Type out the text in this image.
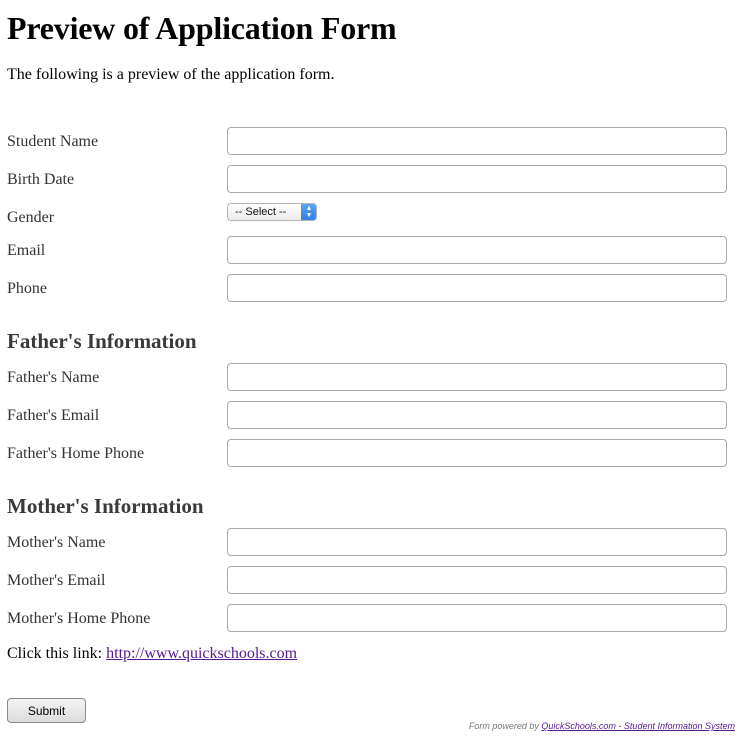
Preview of Application Form

The following is a preview of the application form.

Student Name
Birth Date
Gender	-- Select --	▲
▼
Email
Phone
Father's Information
Father's Name
Father's Email
Father's Home Phone
Mother's Information
Mother's Name
Mother's Email
Mother's Home Phone
Click this link: http://www.quickschools.com
Submit
Form powered by QuickSchools.com - Student Information System
